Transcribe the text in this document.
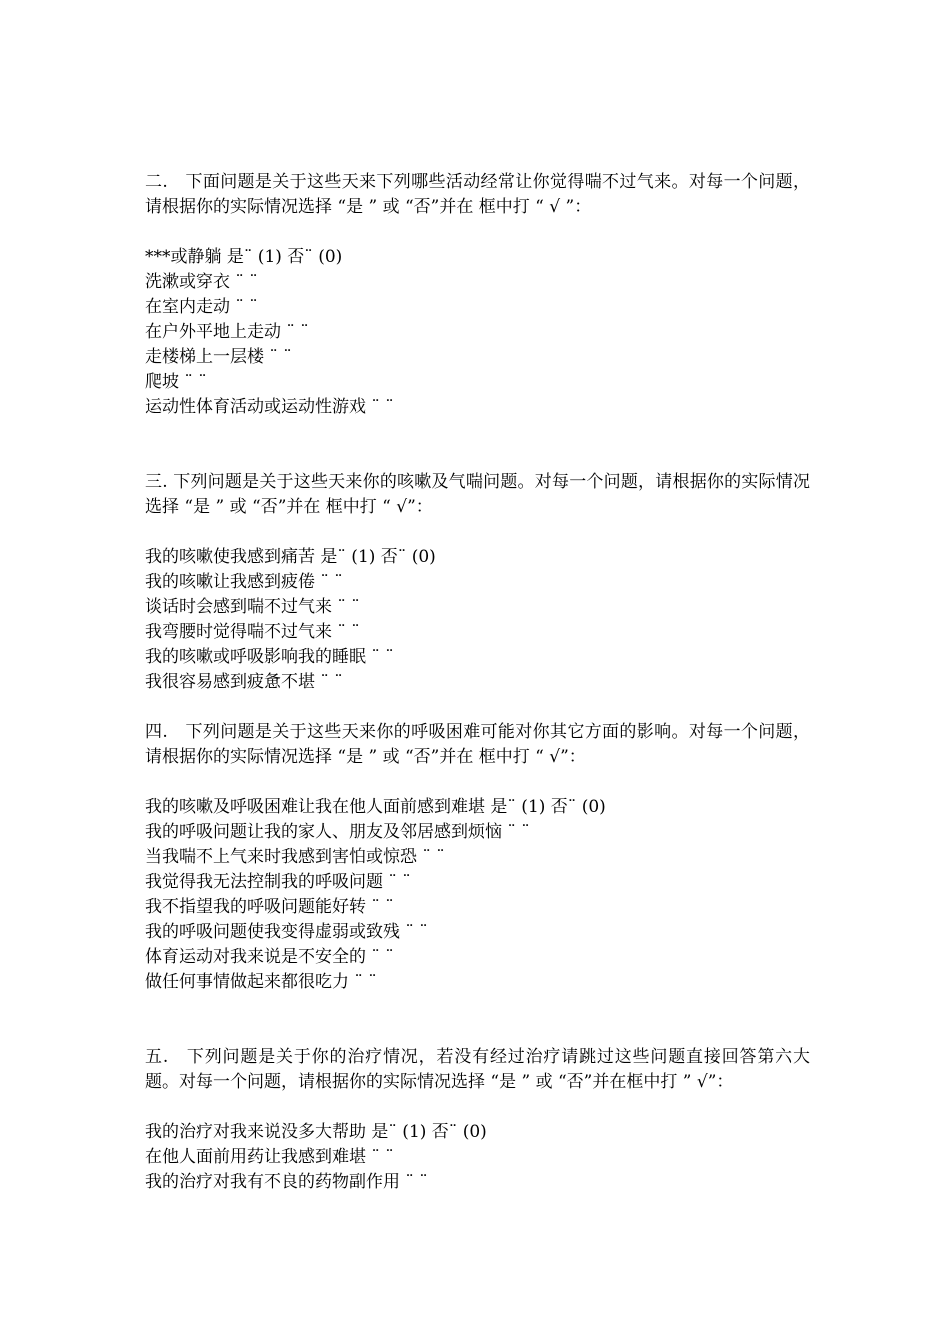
二.　下面问题是关于这些天来下列哪些活动经常让你觉得喘不过气来。对每一个问题，请根据你的实际情况选择 “是 ” 或 “否”并在 框中打 “ √ ”：

***或静躺 是¨ (1) 否¨ (0)
洗漱或穿衣 ¨ ¨
在室内走动 ¨ ¨
在户外平地上走动 ¨ ¨
走楼梯上一层楼 ¨ ¨
爬坡 ¨ ¨
运动性体育活动或运动性游戏 ¨ ¨

三. 下列问题是关于这些天来你的咳嗽及气喘问题。对每一个问题，请根据你的实际情况选择 “是 ” 或 “否”并在 框中打 “ √”：

我的咳嗽使我感到痛苦 是¨ (1) 否¨ (0)
我的咳嗽让我感到疲倦 ¨ ¨
谈话时会感到喘不过气来 ¨ ¨
我弯腰时觉得喘不过气来 ¨ ¨
我的咳嗽或呼吸影响我的睡眠 ¨ ¨
我很容易感到疲惫不堪 ¨ ¨

四.　下列问题是关于这些天来你的呼吸困难可能对你其它方面的影响。对每一个问题，请根据你的实际情况选择 “是 ” 或 “否”并在 框中打 “ √”：

我的咳嗽及呼吸困难让我在他人面前感到难堪 是¨ (1) 否¨ (0)
我的呼吸问题让我的家人、朋友及邻居感到烦恼 ¨ ¨
当我喘不上气来时我感到害怕或惊恐 ¨ ¨
我觉得我无法控制我的呼吸问题 ¨ ¨
我不指望我的呼吸问题能好转 ¨ ¨
我的呼吸问题使我变得虚弱或致残 ¨ ¨
体育运动对我来说是不安全的 ¨ ¨
做任何事情做起来都很吃力 ¨ ¨

五.　下列问题是关于你的治疗情况，若没有经过治疗请跳过这些问题直接回答第六大题。对每一个问题，请根据你的实际情况选择 “是 ” 或 “否”并在框中打 ” √”：

我的治疗对我来说没多大帮助 是¨ (1) 否¨ (0)
在他人面前用药让我感到难堪 ¨ ¨
我的治疗对我有不良的药物副作用 ¨ ¨
